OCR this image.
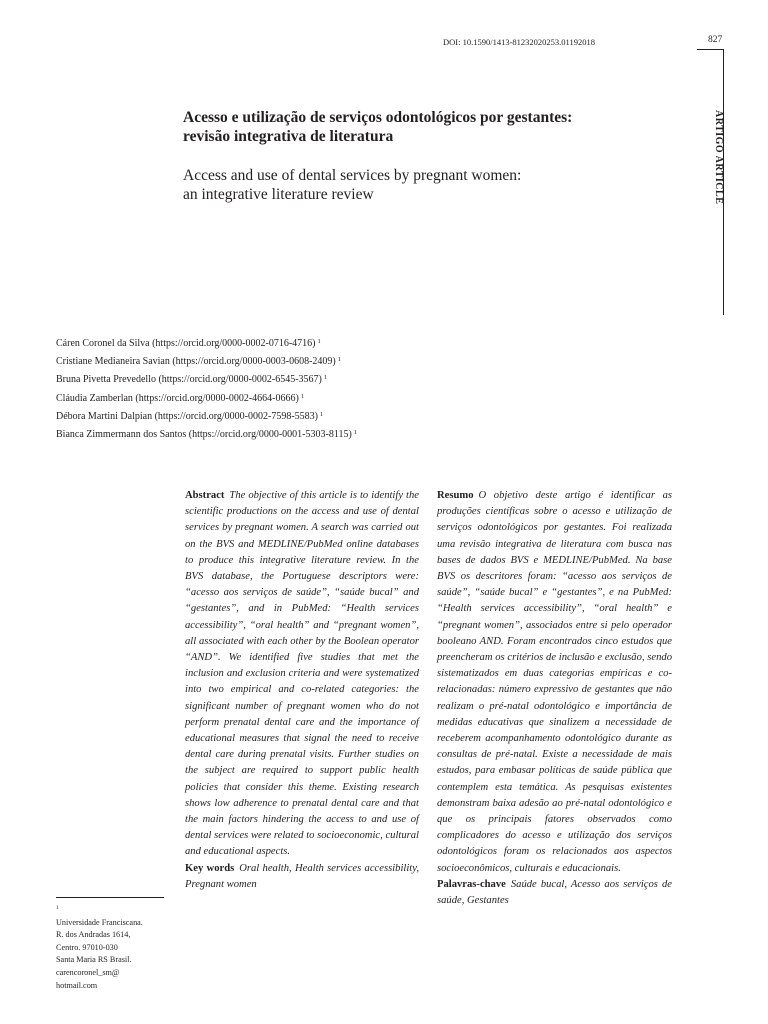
DOI: 10.1590/1413-81232020253.01192018	827
ARTIGO ARTICLE
Acesso e utilização de serviços odontológicos por gestantes:
revisão integrativa de literatura
Access and use of dental services by pregnant women:
an integrative literature review
Cáren Coronel da Silva (https://orcid.org/0000-0002-0716-4716) $^1$
Cristiane Medianeira Savian (https://orcid.org/0000-0003-0608-2409) $^1$
Bruna Pivetta Prevedello (https://orcid.org/0000-0002-6545-3567) $^1$
Cláudia Zamberlan (https://orcid.org/0000-0002-4664-0666) $^1$
Débora Martini Dalpian (https://orcid.org/0000-0002-7598-5583) $^1$
Bianca Zimmermann dos Santos (https://orcid.org/0000-0001-5303-8115) $^1$
Abstract The objective of this article is to identify the scientific productions on the access and use of dental services by pregnant women. A search was carried out on the BVS and MEDLINE/PubMed online databases to produce this integrative literature review. In the BVS database, the Portuguese descriptors were: “acesso aos serviços de saúde”, “saúde bucal” and “gestantes”, and in PubMed: “Health services accessibility”, “oral health” and “pregnant women”, all associated with each other by the Boolean operator “AND”. We identified five studies that met the inclusion and exclusion criteria and were systematized into two empirical and co-related categories: the significant number of pregnant women who do not perform prenatal dental care and the importance of educational measures that signal the need to receive dental care during prenatal visits. Further studies on the subject are required to support public health policies that consider this theme. Existing research shows low adherence to prenatal dental care and that the main factors hindering the access to and use of dental services were related to socioeconomic, cultural and educational aspects.
Key words Oral health, Health services accessibility, Pregnant women
Resumo O objetivo deste artigo é identificar as produções científicas sobre o acesso e utilização de serviços odontológicos por gestantes. Foi realizada uma revisão integrativa de literatura com busca nas bases de dados BVS e MEDLINE/PubMed. Na base BVS os descritores foram: “acesso aos serviços de saúde”, “saúde bucal” e “gestantes”, e na PubMed: “Health services accessibility”, “oral health” e “pregnant women”, associados entre si pelo operador booleano AND. Foram encontrados cinco estudos que preencheram os critérios de inclusão e exclusão, sendo sistematizados em duas categorias empíricas e co-relacionadas: número expressivo de gestantes que não realizam o pré-natal odontológico e importância de medidas educativas que sinalizem a necessidade de receberem acompanhamento odontológico durante as consultas de pré-natal. Existe a necessidade de mais estudos, para embasar políticas de saúde pública que contemplem esta temática. As pesquisas existentes demonstram baixa adesão ao pré-natal odontológico e que os principais fatores observados como complicadores do acesso e utilização dos serviços odontológicos foram os relacionados aos aspectos socioeconômicos, culturais e educacionais.
Palavras-chave Saúde bucal, Acesso aos serviços de saúde, Gestantes
$^1$
Universidade Franciscana.
R. dos Andradas 1614,
Centro. 97010-030
Santa Maria RS Brasil.
carencoronel_sm@
hotmail.com
